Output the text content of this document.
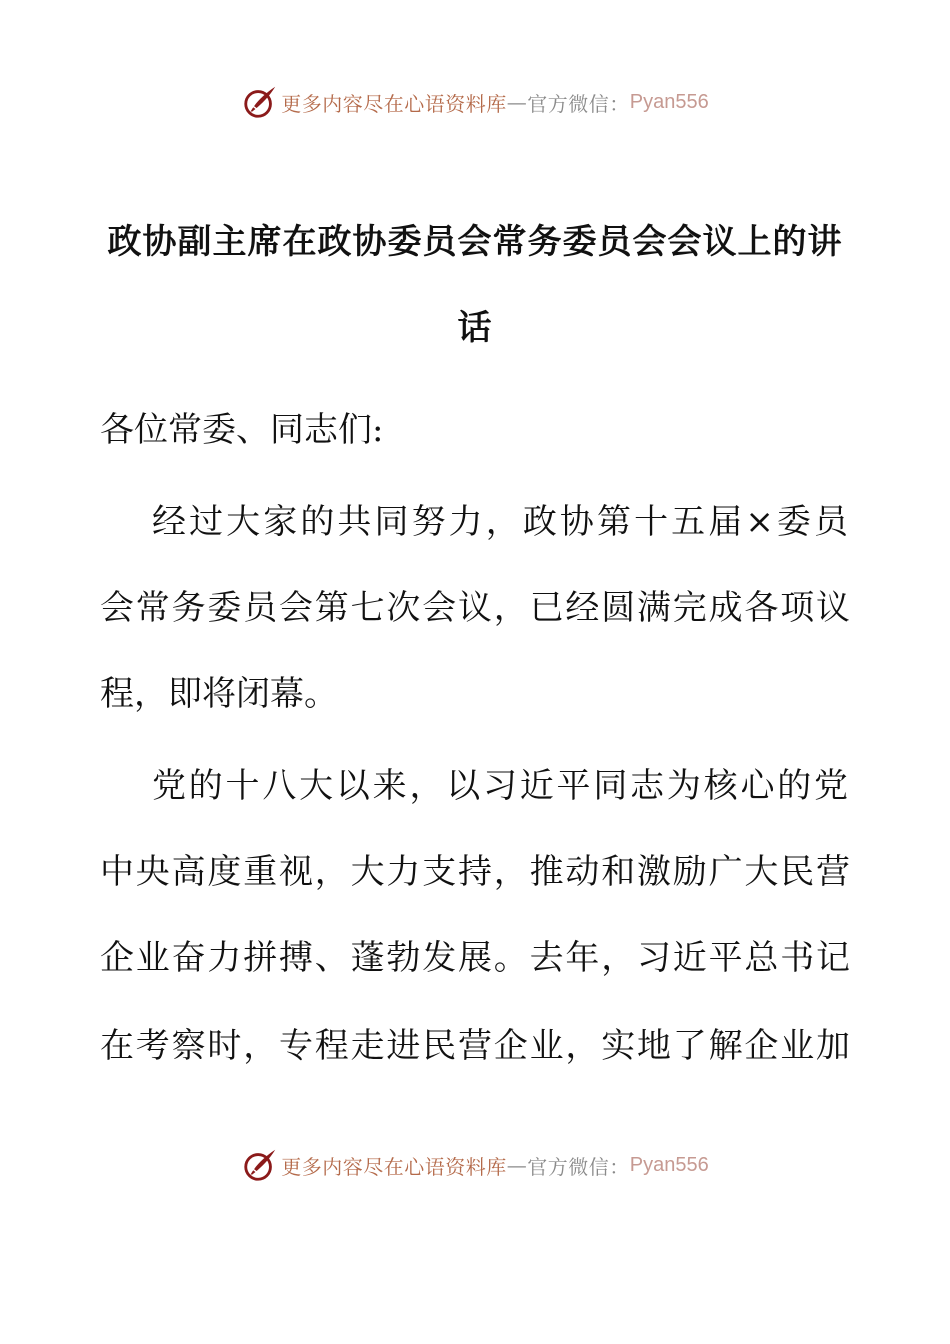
更多内容尽在心语资料库 — 官方微信： Pyan556
政协副主席在政协委员会常务委员会会议上的讲
话
各位常委、同志们:
经过大家的共同努力，政协第十五届×委员
会常务委员会第七次会议，已经圆满完成各项议
程，即将闭幕。
党的十八大以来，以习近平同志为核心的党
中央高度重视，大力支持，推动和激励广大民营
企业奋力拼搏、蓬勃发展。去年，习近平总书记
在考察时，专程走进民营企业，实地了解企业加
更多内容尽在心语资料库 — 官方微信： Pyan556
